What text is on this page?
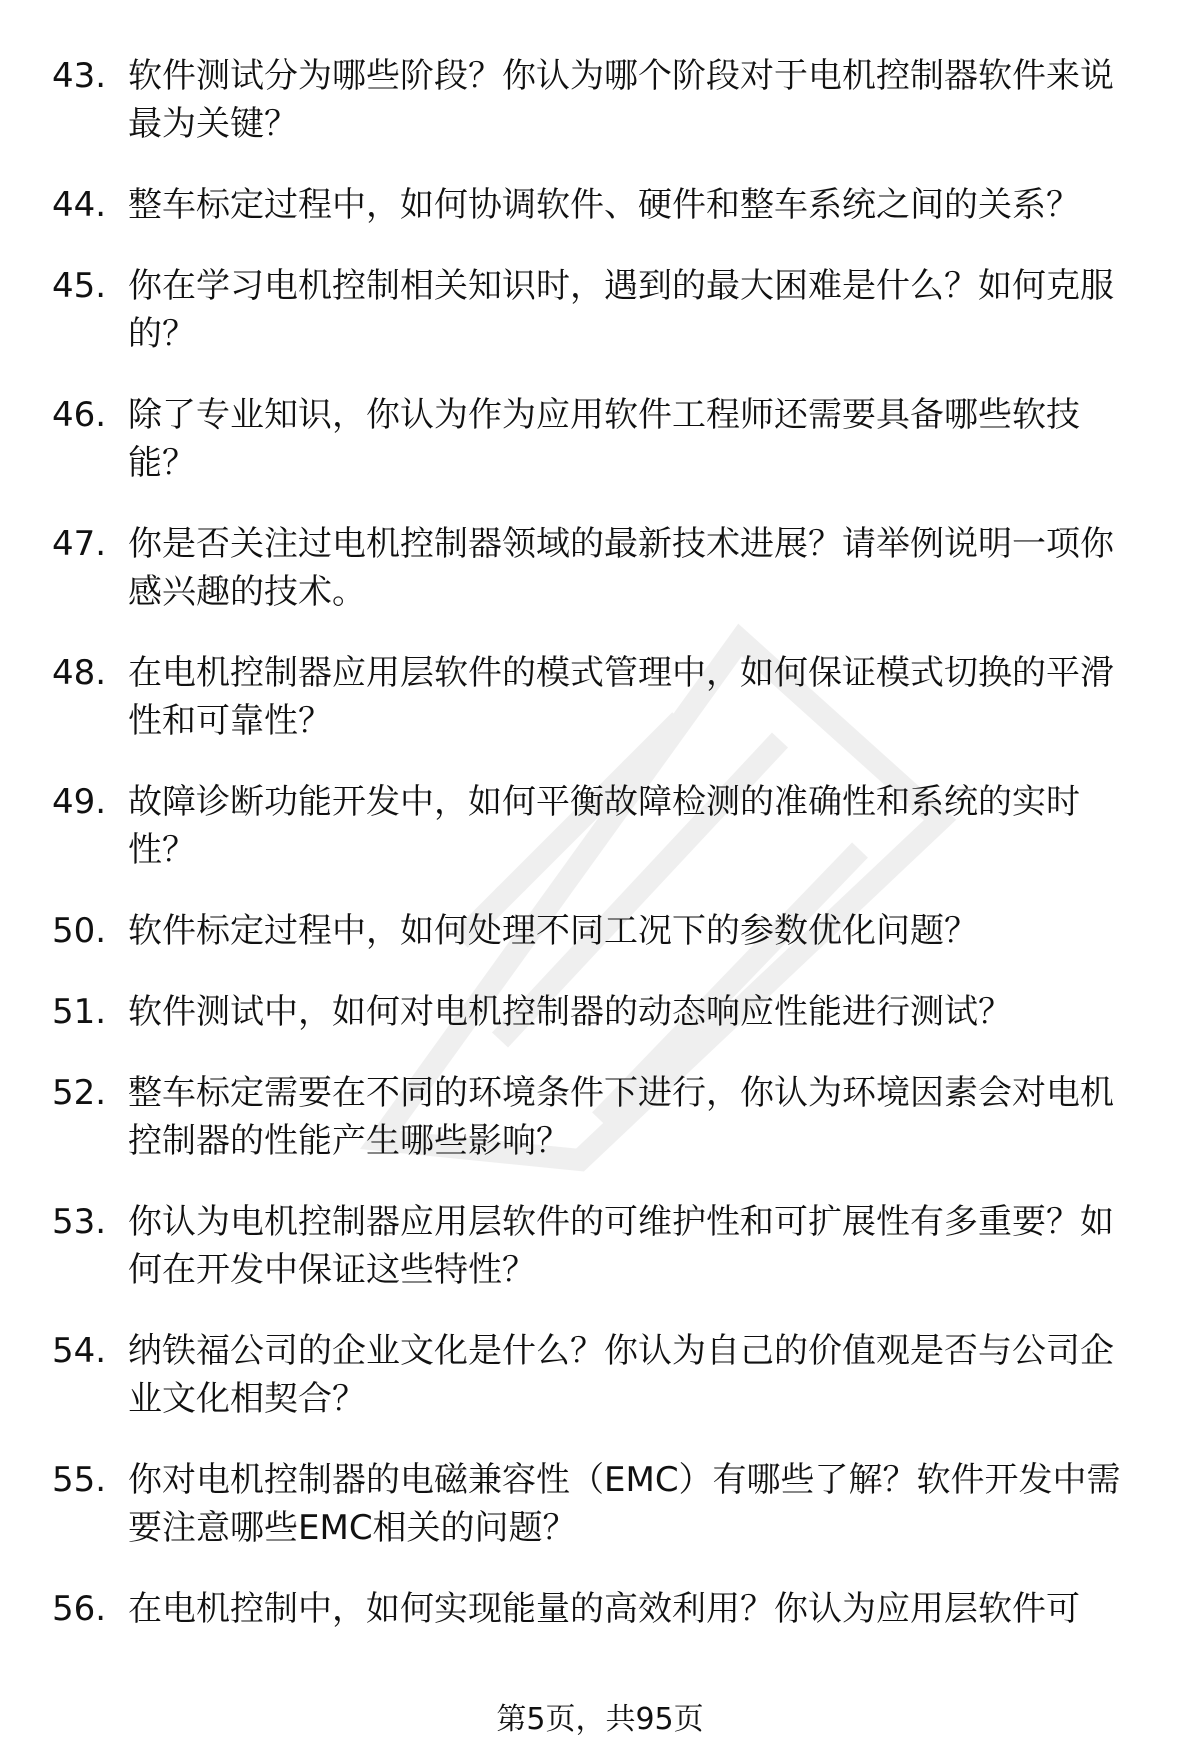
43. 软件测试分为哪些阶段？你认为哪个阶段对于电机控制器软件来说最为关键？
44. 整车标定过程中，如何协调软件、硬件和整车系统之间的关系？
45. 你在学习电机控制相关知识时，遇到的最大困难是什么？如何克服的？
46. 除了专业知识，你认为作为应用软件工程师还需要具备哪些软技能？
47. 你是否关注过电机控制器领域的最新技术进展？请举例说明一项你感兴趣的技术。
48. 在电机控制器应用层软件的模式管理中，如何保证模式切换的平滑性和可靠性？
49. 故障诊断功能开发中，如何平衡故障检测的准确性和系统的实时性？
50. 软件标定过程中，如何处理不同工况下的参数优化问题？
51. 软件测试中，如何对电机控制器的动态响应性能进行测试？
52. 整车标定需要在不同的环境条件下进行，你认为环境因素会对电机控制器的性能产生哪些影响？
53. 你认为电机控制器应用层软件的可维护性和可扩展性有多重要？如何在开发中保证这些特性？
54. 纳铁福公司的企业文化是什么？你认为自己的价值观是否与公司企业文化相契合？
55. 你对电机控制器的电磁兼容性（EMC）有哪些了解？软件开发中需要注意哪些EMC相关的问题？
56. 在电机控制中，如何实现能量的高效利用？你认为应用层软件可
第5页，共95页
